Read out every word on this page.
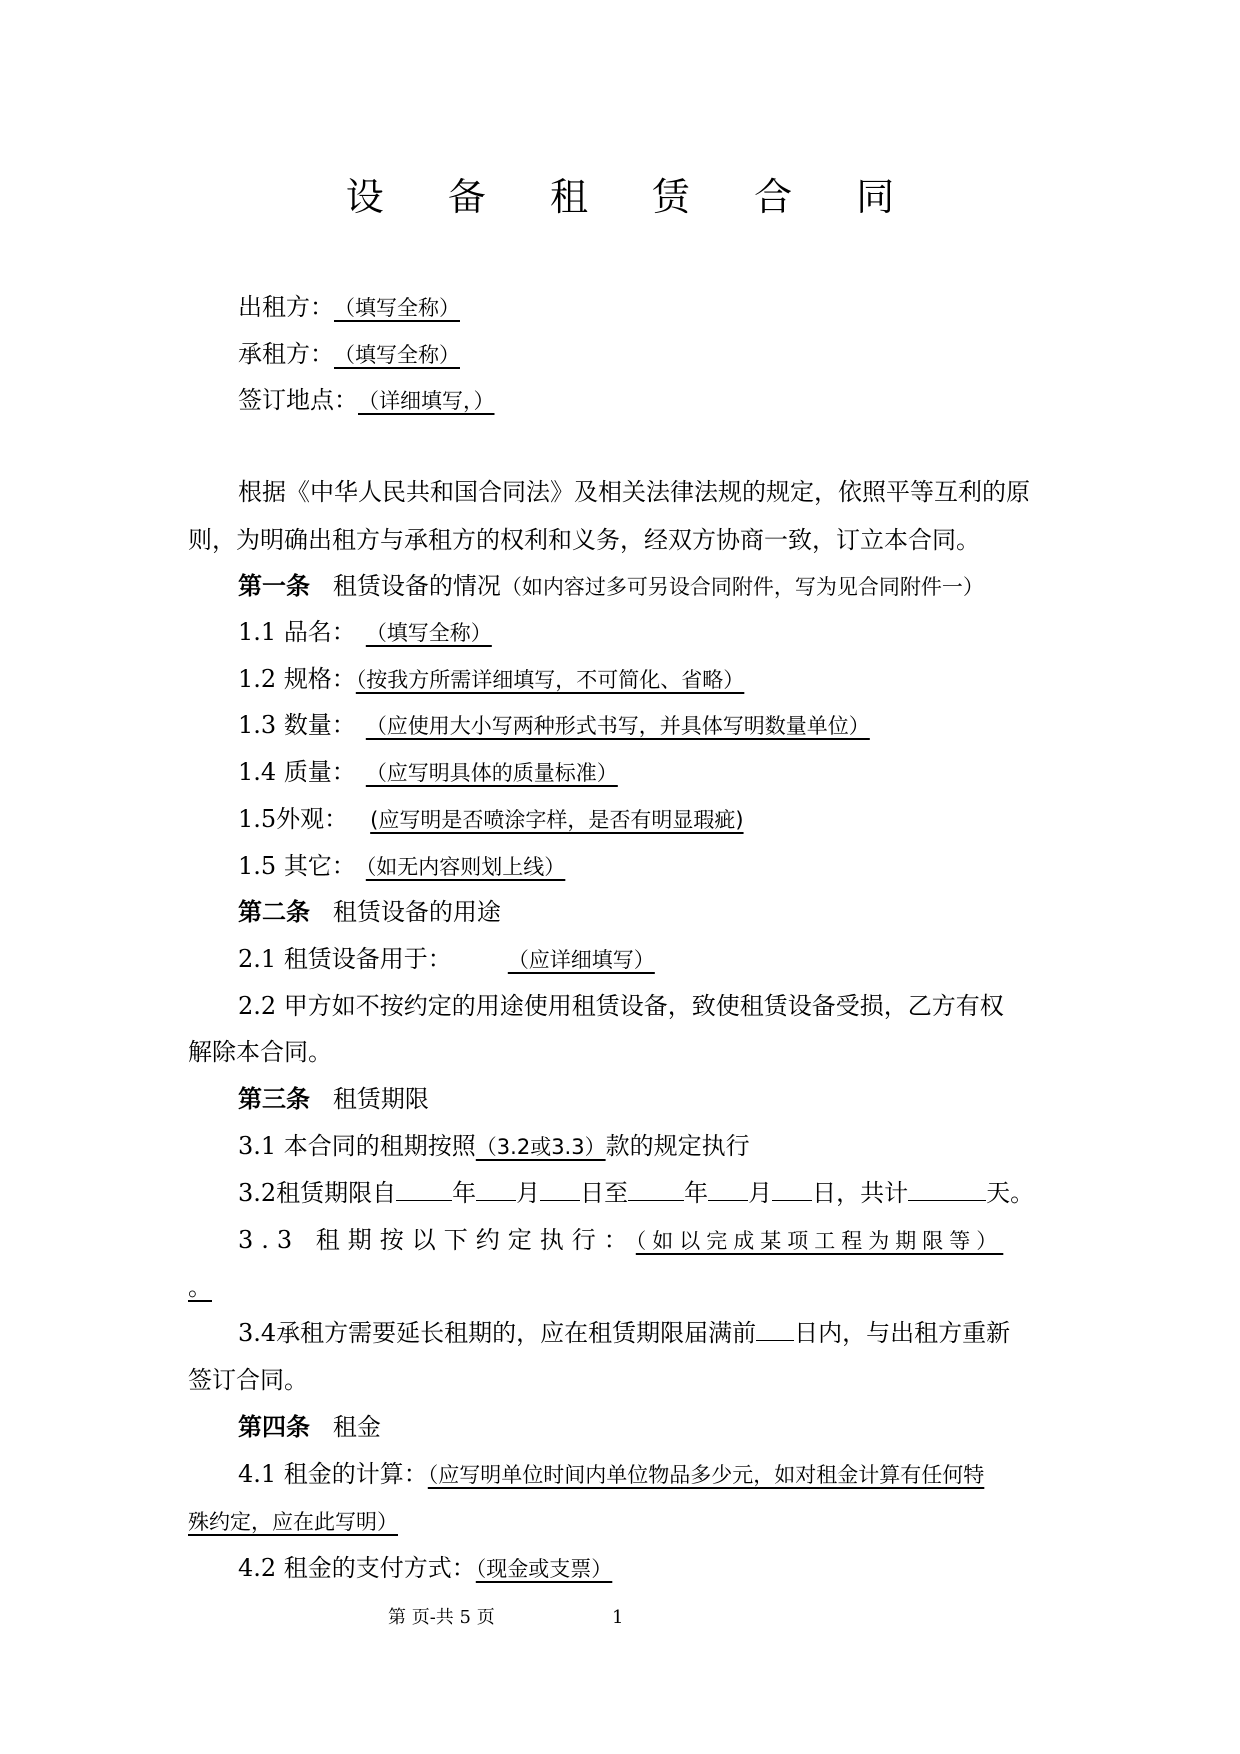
设 备 租 赁 合 同
出租方：（填写全称）
承租方：（填写全称）
签订地点：（详细填写，）
根据《中华人民共和国合同法》及相关法律法规的规定，依照平等互利的原
则，为明确出租方与承租方的权利和义务，经双方协商一致，订立本合同。
第一条 租赁设备的情况（如内容过多可另设合同附件，写为见合同附件一）
1.1 品名： （填写全称）
1.2 规格：（按我方所需详细填写，不可简化、省略）
1.3 数量： （应使用大小写两种形式书写，并具体写明数量单位）
1.4 质量： （应写明具体的质量标准）
1.5外观： (应写明是否喷涂字样，是否有明显瑕疵)
1.5 其它： （如无内容则划上线）
第二条 租赁设备的用途
2.1 租赁设备用于：	（应详细填写）
2.2 甲方如不按约定的用途使用租赁设备，致使租赁设备受损，乙方有权
解除本合同。
第三条 租赁期限
3.1 本合同的租期按照（3.2或3.3）款的规定执行
3.2租赁期限自 年 月 日至 年 月 日，共计	天。
3.3 租期按以下约定执行：（如以完成某项工程为期限等）
。
3.4承租方需要延长租期的，应在租赁期限届满前 日内，与出租方重新
签订合同。
第四条 租金
4.1 租金的计算：（应写明单位时间内单位物品多少元，如对租金计算有任何特
殊约定，应在此写明）
4.2 租金的支付方式：（现金或支票）
第 页-共 5 页	1
